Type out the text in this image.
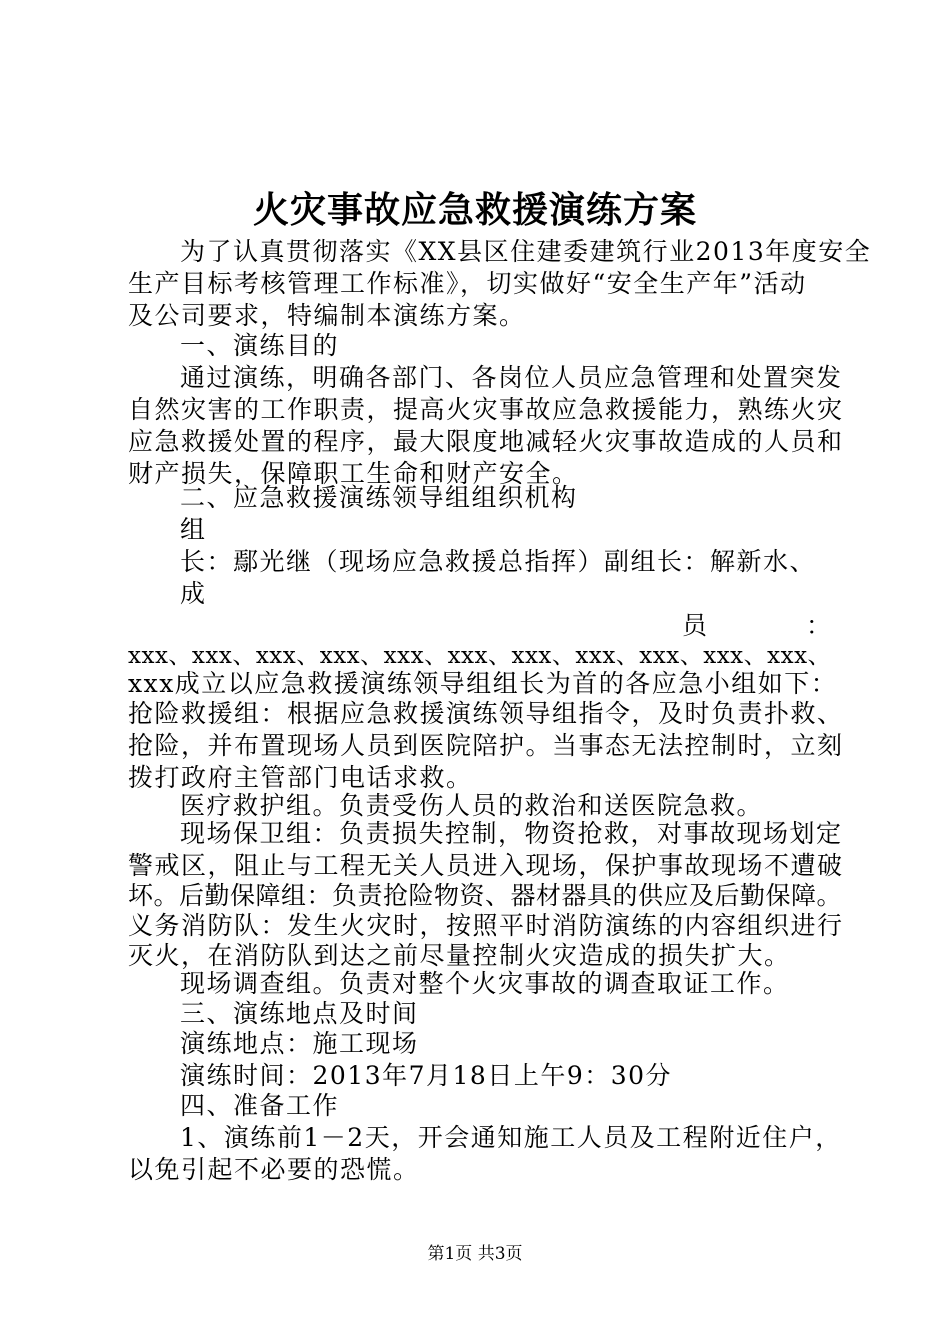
火灾事故应急救援演练方案
为了认真贯彻落实《XX县区住建委建筑行业2013年度安全
生产目标考核管理工作标准》，切实做好“安全生产年”活动
及公司要求，特编制本演练方案。
一、演练目的
通过演练，明确各部门、各岗位人员应急管理和处置突发
自然灾害的工作职责，提高火灾事故应急救援能力，熟练火灾
应急救援处置的程序，最大限度地减轻火灾事故造成的人员和
财产损失，保障职工生命和财产安全。
二、应急救援演练领导组组织机构
组
长：鄢光继（现场应急救援总指挥）副组长：解新水、
成
员	：
xxx、xxx、xxx、xxx、xxx、xxx、xxx、xxx、xxx、xxx、xxx、
xxx成立以应急救援演练领导组组长为首的各应急小组如下：
抢险救援组：根据应急救援演练领导组指令，及时负责扑救、
抢险，并布置现场人员到医院陪护。当事态无法控制时，立刻
拨打政府主管部门电话求救。
医疗救护组。负责受伤人员的救治和送医院急救。
现场保卫组：负责损失控制，物资抢救，对事故现场划定
警戒区，阻止与工程无关人员进入现场，保护事故现场不遭破
坏。后勤保障组：负责抢险物资、器材器具的供应及后勤保障。
义务消防队：发生火灾时，按照平时消防演练的内容组织进行
灭火，在消防队到达之前尽量控制火灾造成的损失扩大。
现场调查组。负责对整个火灾事故的调查取证工作。
三、演练地点及时间
演练地点：施工现场
演练时间：2013年7月18日上午9：30分
四、准备工作
1、演练前1－2天，开会通知施工人员及工程附近住户，
以免引起不必要的恐慌。
第1页 共3页
